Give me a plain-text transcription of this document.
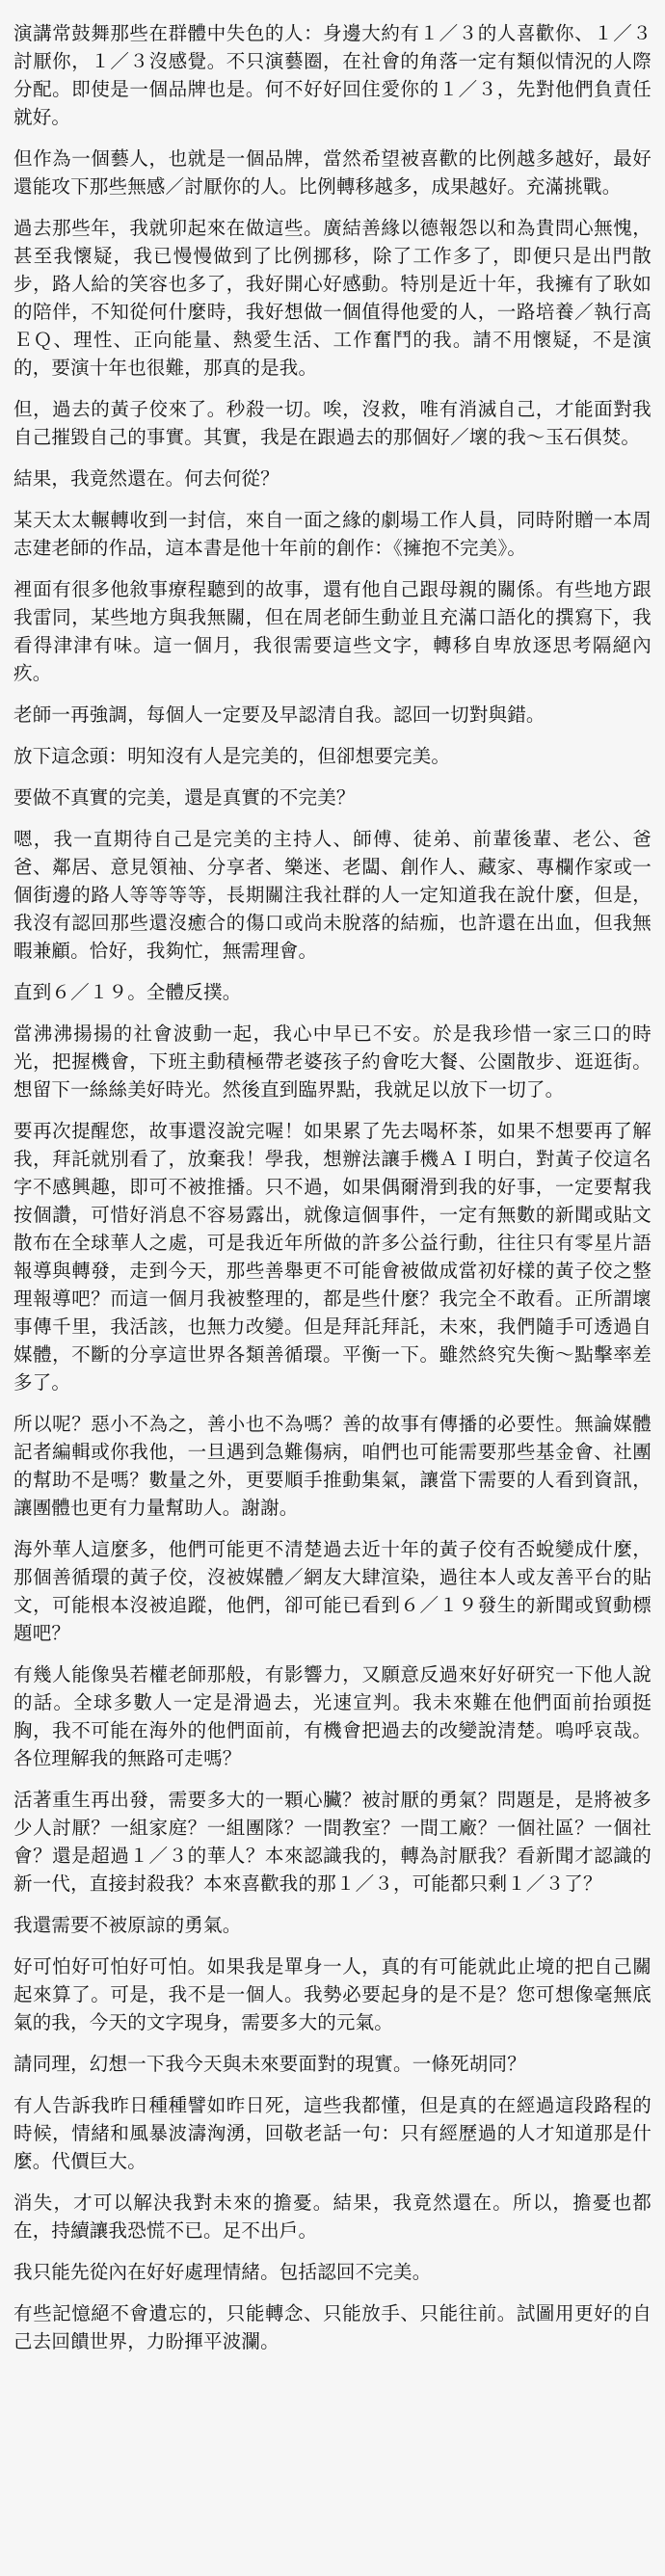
演講常鼓舞那些在群體中失色的人：身邊大約有１／３的人喜歡你、１／３討厭你，１／３沒感覺。不只演藝圈，在社會的角落一定有類似情況的人際分配。即使是一個品牌也是。何不好好回住愛你的１／３，先對他們負責任就好。

但作為一個藝人，也就是一個品牌，當然希望被喜歡的比例越多越好，最好還能攻下那些無感／討厭你的人。比例轉移越多，成果越好。充滿挑戰。

過去那些年，我就卯起來在做這些。廣結善緣以德報怨以和為貴問心無愧，甚至我懷疑，我已慢慢做到了比例挪移，除了工作多了，即便只是出門散步，路人給的笑容也多了，我好開心好感動。特別是近十年，我擁有了耿如的陪伴，不知從何什麼時，我好想做一個值得他愛的人，一路培養／執行高ＥＱ、理性、正向能量、熱愛生活、工作奮鬥的我。請不用懷疑，不是演的，要演十年也很難，那真的是我。

但，過去的黃子佼來了。秒殺一切。唉，沒救，唯有消滅自己，才能面對我自己摧毀自己的事實。其實，我是在跟過去的那個好／壞的我～玉石俱焚。

結果，我竟然還在。何去何從？

某天太太輾轉收到一封信，來自一面之緣的劇場工作人員，同時附贈一本周志建老師的作品，這本書是他十年前的創作：《擁抱不完美》。

裡面有很多他敘事療程聽到的故事，還有他自己跟母親的關係。有些地方跟我雷同，某些地方與我無關，但在周老師生動並且充滿口語化的撰寫下，我看得津津有味。這一個月，我很需要這些文字，轉移自卑放逐思考隔絕內疚。

老師一再強調，每個人一定要及早認清自我。認回一切對與錯。

放下這念頭：明知沒有人是完美的，但卻想要完美。

要做不真實的完美，還是真實的不完美？

嗯，我一直期待自己是完美的主持人、師傅、徒弟、前輩後輩、老公、爸爸、鄰居、意見領袖、分享者、樂迷、老闆、創作人、藏家、專欄作家或一個街邊的路人等等等等，長期關注我社群的人一定知道我在說什麼，但是，我沒有認回那些還沒癒合的傷口或尚未脫落的結痂，也許還在出血，但我無暇兼顧。恰好，我夠忙，無需理會。

直到６／１９。全體反撲。

當沸沸揚揚的社會波動一起，我心中早已不安。於是我珍惜一家三口的時光，把握機會，下班主動積極帶老婆孩子約會吃大餐、公園散步、逛逛街。想留下一絲絲美好時光。然後直到臨界點，我就足以放下一切了。

要再次提醒您，故事還沒說完喔！如果累了先去喝杯茶，如果不想要再了解我，拜託就別看了，放棄我！學我，想辦法讓手機ＡＩ明白，對黃子佼這名字不感興趣，即可不被推播。只不過，如果偶爾滑到我的好事，一定要幫我按個讚，可惜好消息不容易露出，就像這個事件，一定有無數的新聞或貼文散布在全球華人之處，可是我近年所做的許多公益行動，往往只有零星片語報導與轉發，走到今天，那些善舉更不可能會被做成當初好樣的黃子佼之整理報導吧？而這一個月我被整理的，都是些什麼？我完全不敢看。正所謂壞事傳千里，我活該，也無力改變。但是拜託拜託，未來，我們隨手可透過自媒體，不斷的分享這世界各類善循環。平衡一下。雖然終究失衡～點擊率差多了。

所以呢？惡小不為之，善小也不為嗎？善的故事有傳播的必要性。無論媒體記者編輯或你我他，一旦遇到急難傷病，咱們也可能需要那些基金會、社團的幫助不是嗎？數量之外，更要順手推動集氣，讓當下需要的人看到資訊，讓團體也更有力量幫助人。謝謝。

海外華人這麼多，他們可能更不清楚過去近十年的黃子佼有否蛻變成什麼，那個善循環的黃子佼，沒被媒體／網友大肆渲染，過往本人或友善平台的貼文，可能根本沒被追蹤，他們，卻可能已看到６／１９發生的新聞或貿動標題吧？

有幾人能像吳若權老師那般，有影響力，又願意反過來好好研究一下他人說的話。全球多數人一定是滑過去，光速宣判。我未來難在他們面前抬頭挺胸，我不可能在海外的他們面前，有機會把過去的改變說清楚。嗚呼哀哉。各位理解我的無路可走嗎？

活著重生再出發，需要多大的一顆心臟？被討厭的勇氣？問題是，是將被多少人討厭？一組家庭？一組團隊？一間教室？一間工廠？一個社區？一個社會？還是超過１／３的華人？本來認識我的，轉為討厭我？看新聞才認識的新一代，直接封殺我？本來喜歡我的那１／３，可能都只剩１／３了？

我還需要不被原諒的勇氣。

好可怕好可怕好可怕。如果我是單身一人，真的有可能就此止境的把自己關起來算了。可是，我不是一個人。我勢必要起身的是不是？您可想像毫無底氣的我，今天的文字現身，需要多大的元氣。

請同理，幻想一下我今天與未來要面對的現實。一條死胡同？

有人告訴我昨日種種譬如昨日死，這些我都懂，但是真的在經過這段路程的時候，情緒和風暴波濤洶湧，回敬老話一句：只有經歷過的人才知道那是什麼。代價巨大。

消失，才可以解決我對未來的擔憂。結果，我竟然還在。所以，擔憂也都在，持續讓我恐慌不已。足不出戶。

我只能先從內在好好處理情緒。包括認回不完美。

有些記憶絕不會遺忘的，只能轉念、只能放手、只能往前。試圖用更好的自己去回饋世界，力盼揮平波瀾。
